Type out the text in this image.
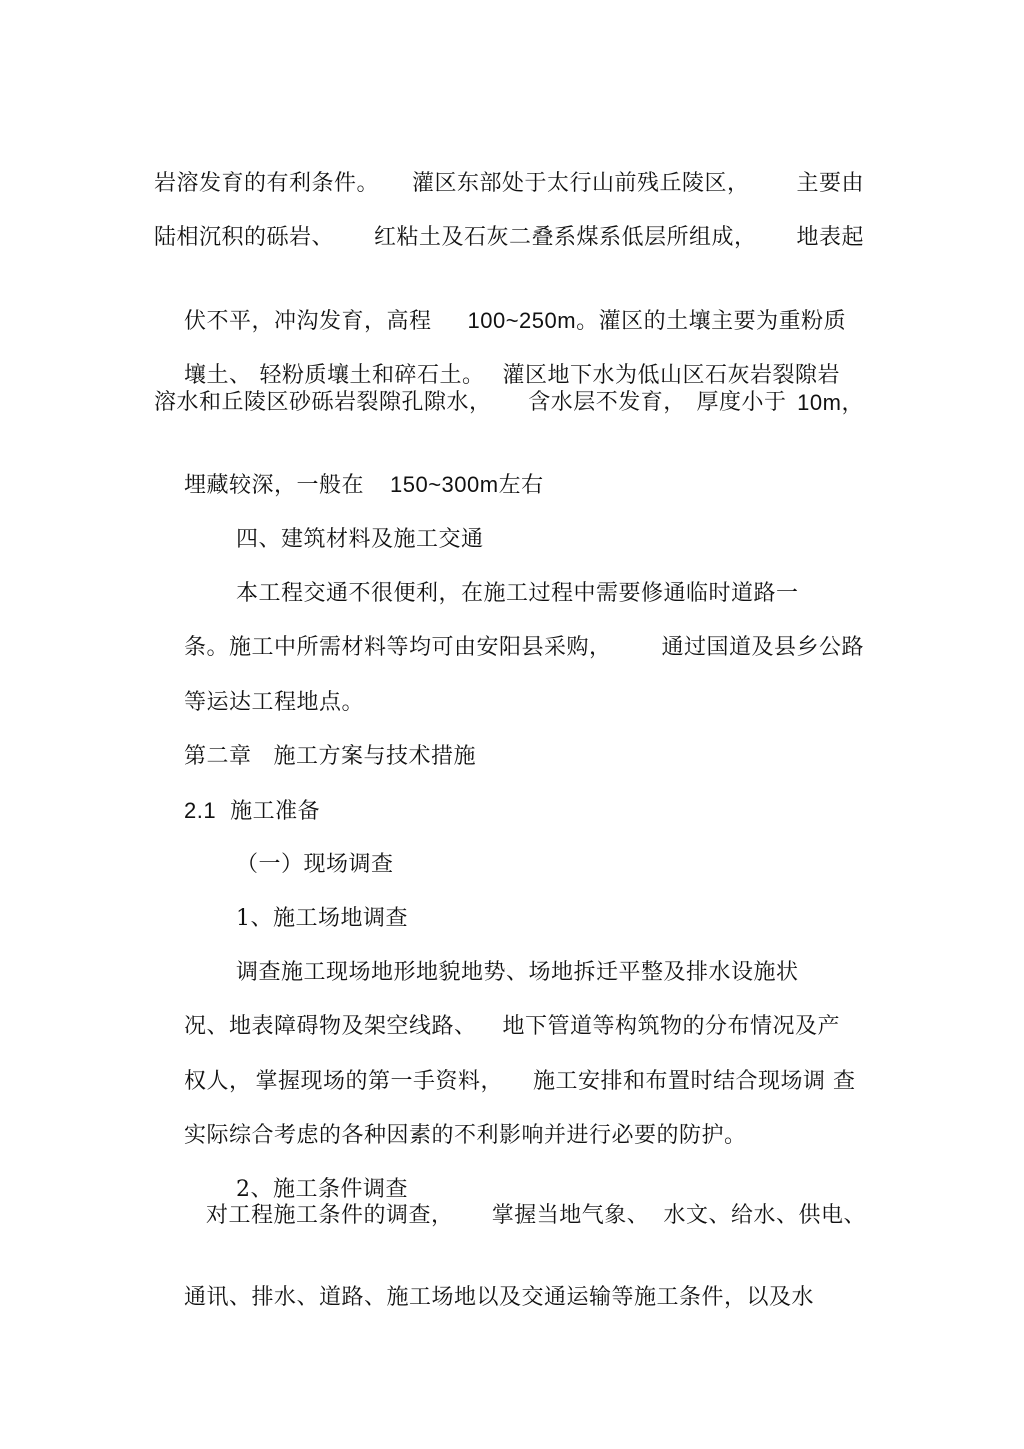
岩溶发育的有利条件。 灌区东部处于太行山前残丘陵区， 主要由
陆相沉积的砾岩、 红粘土及石灰二叠系煤系低层所组成， 地表起

伏不平，冲沟发育，高程 100~250m。灌区的土壤主要为重粉质

壤土、 轻粉质壤土和碎石土。 灌区地下水为低山区石灰岩裂隙岩

溶水和丘陵区砂砾岩裂隙孔隙水， 含水层不发育， 厚度小于 10m，

埋藏较深，一般在 150~300m左右

四、建筑材料及施工交通

本工程交通不很便利，在施工过程中需要修通临时道路一

条。施工中所需材料等均可由安阳县采购， 通过国道及县乡公路

等运达工程地点。

第二章 施工方案与技术措施

2.1 施工准备

（一）现场调查

1、施工场地调查

调查施工现场地形地貌地势、场地拆迁平整及排水设施状

况、地表障碍物及架空线路、 地下管道等构筑物的分布情况及产

权人， 掌握现场的第一手资料， 施工安排和布置时结合现场调 查

实际综合考虑的各种因素的不利影响并进行必要的防护。

2、施工条件调查

对工程施工条件的调查， 掌握当地气象、 水文、给水、供电、

通讯、排水、道路、施工场地以及交通运输等施工条件，以及水
